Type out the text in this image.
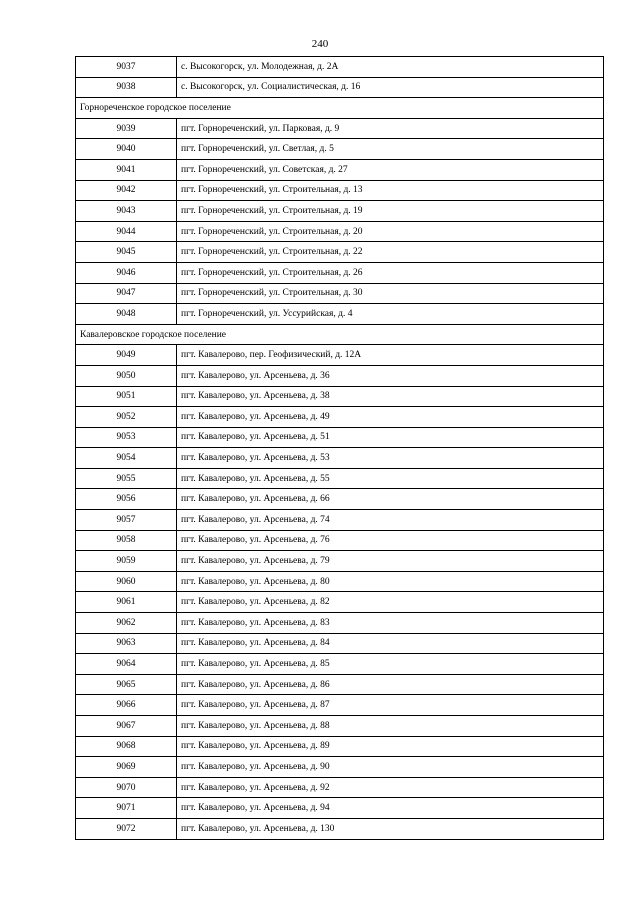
240
9037	с. Высокогорск, ул. Молодежная, д. 2А
9038	с. Высокогорск, ул. Социалистическая, д. 16
Горнореченское городское поселение	
9039	пгт. Горнореченский, ул. Парковая, д. 9
9040	пгт. Горнореченский, ул. Светлая, д. 5
9041	пгт. Горнореченский, ул. Советская, д. 27
9042	пгт. Горнореченский, ул. Строительная, д. 13
9043	пгт. Горнореченский, ул. Строительная, д. 19
9044	пгт. Горнореченский, ул. Строительная, д. 20
9045	пгт. Горнореченский, ул. Строительная, д. 22
9046	пгт. Горнореченский, ул. Строительная, д. 26
9047	пгт. Горнореченский, ул. Строительная, д. 30
9048	пгт. Горнореченский, ул. Уссурийская, д. 4
Кавалеровское городское поселение	
9049	пгт. Кавалерово, пер. Геофизический, д. 12А
9050	пгт. Кавалерово, ул. Арсеньева, д. 36
9051	пгт. Кавалерово, ул. Арсеньева, д. 38
9052	пгт. Кавалерово, ул. Арсеньева, д. 49
9053	пгт. Кавалерово, ул. Арсеньева, д. 51
9054	пгт. Кавалерово, ул. Арсеньева, д. 53
9055	пгт. Кавалерово, ул. Арсеньева, д. 55
9056	пгт. Кавалерово, ул. Арсеньева, д. 66
9057	пгт. Кавалерово, ул. Арсеньева, д. 74
9058	пгт. Кавалерово, ул. Арсеньева, д. 76
9059	пгт. Кавалерово, ул. Арсеньева, д. 79
9060	пгт. Кавалерово, ул. Арсеньева, д. 80
9061	пгт. Кавалерово, ул. Арсеньева, д. 82
9062	пгт. Кавалерово, ул. Арсеньева, д. 83
9063	пгт. Кавалерово, ул. Арсеньева, д. 84
9064	пгт. Кавалерово, ул. Арсеньева, д. 85
9065	пгт. Кавалерово, ул. Арсеньева, д. 86
9066	пгт. Кавалерово, ул. Арсеньева, д. 87
9067	пгт. Кавалерово, ул. Арсеньева, д. 88
9068	пгт. Кавалерово, ул. Арсеньева, д. 89
9069	пгт. Кавалерово, ул. Арсеньева, д. 90
9070	пгт. Кавалерово, ул. Арсеньева, д. 92
9071	пгт. Кавалерово, ул. Арсеньева, д. 94
9072	пгт. Кавалерово, ул. Арсеньева, д. 130
